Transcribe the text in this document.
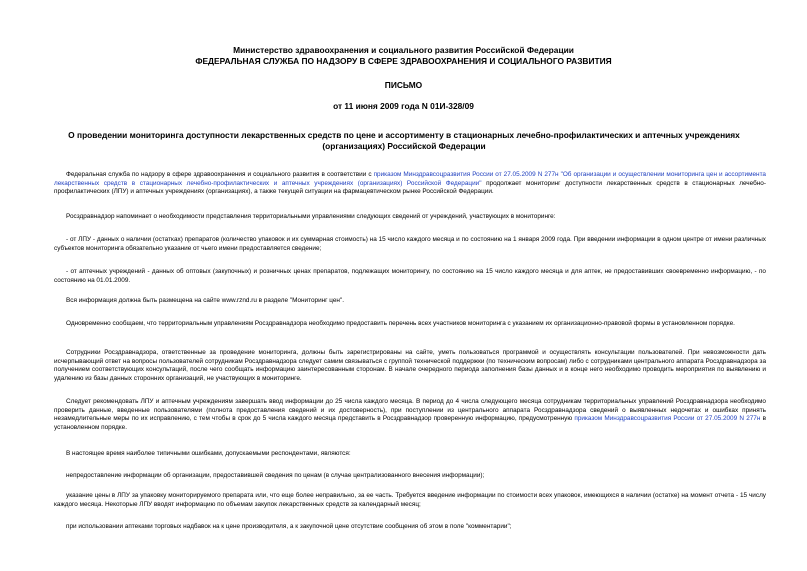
Министерство здравоохранения и социального развития Российской Федерации
ФЕДЕРАЛЬНАЯ СЛУЖБА ПО НАДЗОРУ В СФЕРЕ ЗДРАВООХРАНЕНИЯ И СОЦИАЛЬНОГО РАЗВИТИЯ
ПИСЬМО
от 11 июня 2009 года N 01И-328/09
О проведении мониторинга доступности лекарственных средств по цене и ассортименту в стационарных лечебно-профилактических и аптечных учреждениях (организациях) Российской Федерации
Федеральная служба по надзору в сфере здравоохранения и социального развития в соответствии с приказом Минздравсоцразвития России от 27.05.2009 N 277н "Об организации и осуществлении мониторинга цен и ассортимента лекарственных средств в стационарных лечебно-профилактических и аптечных учреждениях (организациях) Российской Федерации" продолжает мониторинг доступности лекарственных средств в стационарных лечебно-профилактических (ЛПУ) и аптечных учреждениях (организациях), а также текущей ситуации на фармацевтическом рынке Российской Федерации.
Росздравнадзор напоминает о необходимости представления территориальными управлениями следующих сведений от учреждений, участвующих в мониторинге:
- от ЛПУ - данных о наличии (остатках) препаратов (количество упаковок и их суммарная стоимость) на 15 число каждого месяца и по состоянию на 1 января 2009 года. При введении информации в одном центре от имени различных субъектов мониторинга обязательно указание от чьего имени предоставляется сведение;
- от аптечных учреждений - данных об оптовых (закупочных) и розничных ценах препаратов, подлежащих мониторингу, по состоянию на 15 число каждого месяца и для аптек, не предоставивших своевременно информацию, - по состоянию на 01.01.2009.
Вся информация должна быть размещена на сайте www.rznd.ru в разделе "Мониторинг цен".
Одновременно сообщаем, что территориальным управлениям Росздравнадзора необходимо предоставить перечень всех участников мониторинга с указанием их организационно-правовой формы в установленном порядке.
Сотрудники Росздравнадзора, ответственные за проведение мониторинга, должны быть зарегистрированы на сайте, уметь пользоваться программой и осуществлять консультации пользователей. При невозможности дать исчерпывающий ответ на вопросы пользователей сотрудникам Росздравнадзора следует самим связываться с группой технической поддержки (по техническим вопросам) либо с сотрудниками центрального аппарата Росздравнадзора за получением соответствующих консультаций, после чего сообщать информацию заинтересованным сторонам. В начале очередного периода заполнения базы данных и в конце него необходимо проводить мероприятия по выявлению и удалению из базы данных сторонних организаций, не участвующих в мониторинге.
Следует рекомендовать ЛПУ и аптечным учреждениям завершать ввод информации до 25 числа каждого месяца. В период до 4 числа следующего месяца сотрудникам территориальных управлений Росздравнадзора необходимо проверить данные, введенные пользователями (полнота предоставления сведений и их достоверность), при поступлении из центрального аппарата Росздравнадзора сведений о выявленных недочетах и ошибках принять незамедлительные меры по их исправлению, с тем чтобы в срок до 5 числа каждого месяца представить в Росздравнадзор проверенную информацию, предусмотренную приказом Минздравсоцразвития России от 27.05.2009 N 277н в установленном порядке.
В настоящее время наиболее типичными ошибками, допускаемыми респондентами, являются:
непредоставление информации об организации, предоставившей сведения по ценам (в случае централизованного внесения информации);
указание цены в ЛПУ за упаковку мониторируемого препарата или, что еще более неправильно, за ее часть. Требуется введение информации по стоимости всех упаковок, имеющихся в наличии (остатке) на момент отчета - 15 числу каждого месяца. Некоторые ЛПУ вводят информацию по объемам закупок лекарственных средств за календарный месяц;
при использовании аптеками торговых надбавок на к цене производителя, а к закупочной цене отсутствие сообщения об этом в поле "комментарии";
